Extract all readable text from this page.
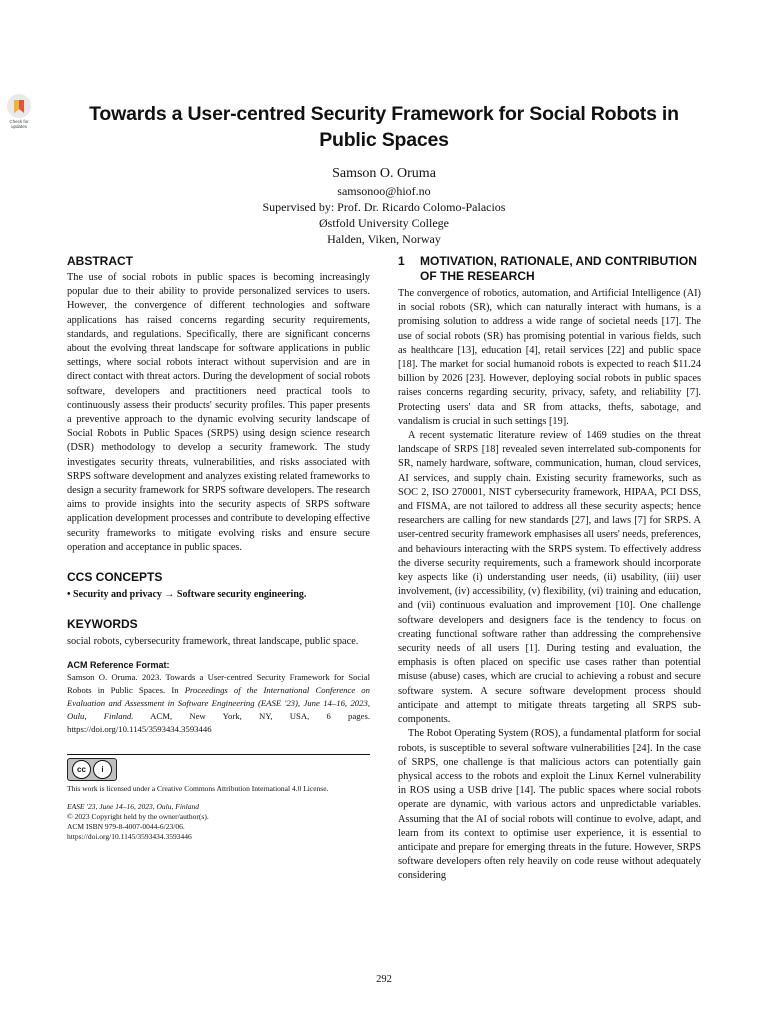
Check for updates
Towards a User-centred Security Framework for Social Robots in Public Spaces
Samson O. Oruma
samsonoo@hiof.no
Supervised by: Prof. Dr. Ricardo Colomo-Palacios
Østfold University College
Halden, Viken, Norway
ABSTRACT

The use of social robots in public spaces is becoming increasingly popular due to their ability to provide personalized services to users. However, the convergence of different technologies and software applications has raised concerns regarding security requirements, standards, and regulations. Specifically, there are significant concerns about the evolving threat landscape for software applications in public settings, where social robots interact without supervision and are in direct contact with threat actors. During the development of social robots software, developers and practitioners need practical tools to continuously assess their products' security profiles. This paper presents a preventive approach to the dynamic evolving security landscape of Social Robots in Public Spaces (SRPS) using design science research (DSR) methodology to develop a security framework. The study investigates security threats, vulnerabilities, and risks associated with SRPS software development and analyzes existing related frameworks to design a security framework for SRPS software developers. The research aims to provide insights into the security aspects of SRPS software application development processes and contribute to developing effective security frameworks to mitigate evolving risks and ensure secure operation and acceptance in public spaces.

CCS CONCEPTS

• Security and privacy → Software security engineering.

KEYWORDS

social robots, cybersecurity framework, threat landscape, public space.

ACM Reference Format:

Samson O. Oruma. 2023. Towards a User-centred Security Framework for Social Robots in Public Spaces. In Proceedings of the International Conference on Evaluation and Assessment in Software Engineering (EASE '23), June 14–16, 2023, Oulu, Finland. ACM, New York, NY, USA, 6 pages. https://doi.org/10.1145/3593434.3593446

cc	i

This work is licensed under a Creative Commons Attribution International 4.0 License.

EASE '23, June 14–16, 2023, Oulu, Finland

© 2023 Copyright held by the owner/author(s).

ACM ISBN 979-8-4007-0044-6/23/06.

https://doi.org/10.1145/3593434.3593446

1	MOTIVATION, RATIONALE, AND CONTRIBUTION OF THE RESEARCH

The convergence of robotics, automation, and Artificial Intelligence (AI) in social robots (SR), which can naturally interact with humans, is a promising solution to address a wide range of societal needs [17]. The use of social robots (SR) has promising potential in various fields, such as healthcare [13], education [4], retail services [22] and public space [18]. The market for social humanoid robots is expected to reach $11.24 billion by 2026 [23]. However, deploying social robots in public spaces raises concerns regarding security, privacy, safety, and reliability [7]. Protecting users' data and SR from attacks, thefts, sabotage, and vandalism is crucial in such settings [19].

A recent systematic literature review of 1469 studies on the threat landscape of SRPS [18] revealed seven interrelated sub-components for SR, namely hardware, software, communication, human, cloud services, AI services, and supply chain. Existing security frameworks, such as SOC 2, ISO 270001, NIST cybersecurity framework, HIPAA, PCI DSS, and FISMA, are not tailored to address all these security aspects; hence researchers are calling for new standards [27], and laws [7] for SRPS. A user-centred security framework emphasises all users' needs, preferences, and behaviours interacting with the SRPS system. To effectively address the diverse security requirements, such a framework should incorporate key aspects like (i) understanding user needs, (ii) usability, (iii) user involvement, (iv) accessibility, (v) flexibility, (vi) training and education, and (vii) continuous evaluation and improvement [10]. One challenge software developers and designers face is the tendency to focus on creating functional software rather than addressing the comprehensive security needs of all users [1]. During testing and evaluation, the emphasis is often placed on specific use cases rather than potential misuse (abuse) cases, which are crucial to achieving a robust and secure software system. A secure software development process should anticipate and attempt to mitigate threats targeting all SRPS sub-components.

The Robot Operating System (ROS), a fundamental platform for social robots, is susceptible to several software vulnerabilities [24]. In the case of SRPS, one challenge is that malicious actors can potentially gain physical access to the robots and exploit the Linux Kernel vulnerability in ROS using a USB drive [14]. The public spaces where social robots operate are dynamic, with various actors and unpredictable variables. Assuming that the AI of social robots will continue to evolve, adapt, and learn from its context to optimise user experience, it is essential to anticipate and prepare for emerging threats in the future. However, SRPS software developers often rely heavily on code reuse without adequately considering

292
